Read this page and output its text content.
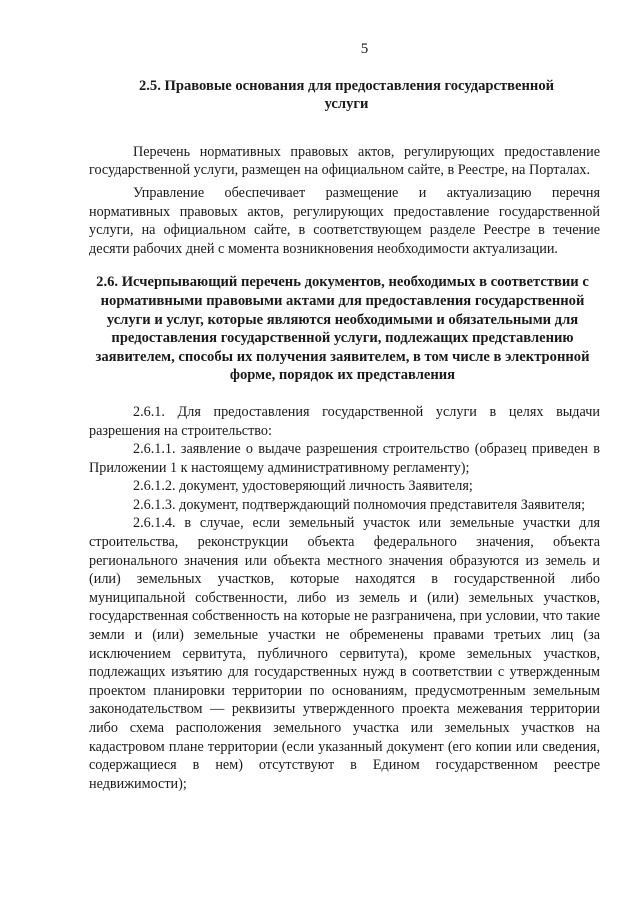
5
2.5. Правовые основания для предоставления государственной услуги

Перечень нормативных правовых актов, регулирующих предоставление государственной услуги, размещен на официальном сайте, в Реестре, на Порталах.

Управление обеспечивает размещение и актуализацию перечня нормативных правовых актов, регулирующих предоставление государственной услуги, на официальном сайте, в соответствующем разделе Реестре в течение десяти рабочих дней с момента возникновения необходимости актуализации.

2.6. Исчерпывающий перечень документов, необходимых в соответствии с нормативными правовыми актами для предоставления государственной услуги и услуг, которые являются необходимыми и обязательными для предоставления государственной услуги, подлежащих представлению заявителем, способы их получения заявителем, в том числе в электронной форме, порядок их представления

2.6.1. Для предоставления государственной услуги в целях выдачи разрешения на строительство:

2.6.1.1. заявление о выдаче разрешения строительство (образец приведен в Приложении 1 к настоящему административному регламенту);

2.6.1.2. документ, удостоверяющий личность Заявителя;

2.6.1.3. документ, подтверждающий полномочия представителя Заявителя;

2.6.1.4. в случае, если земельный участок или земельные участки для строительства, реконструкции объекта федерального значения, объекта регионального значения или объекта местного значения образуются из земель и (или) земельных участков, которые находятся в государственной либо муниципальной собственности, либо из земель и (или) земельных участков, государственная собственность на которые не разграничена, при условии, что такие земли и (или) земельные участки не обременены правами третьих лиц (за исключением сервитута, публичного сервитута), кроме земельных участков, подлежащих изъятию для государственных нужд в соответствии с утвержденным проектом планировки территории по основаниям, предусмотренным земельным законодательством — реквизиты утвержденного проекта межевания территории либо схема расположения земельного участка или земельных участков на кадастровом плане территории (если указанный документ (его копии или сведения, содержащиеся в нем) отсутствуют в Едином государственном реестре недвижимости);
